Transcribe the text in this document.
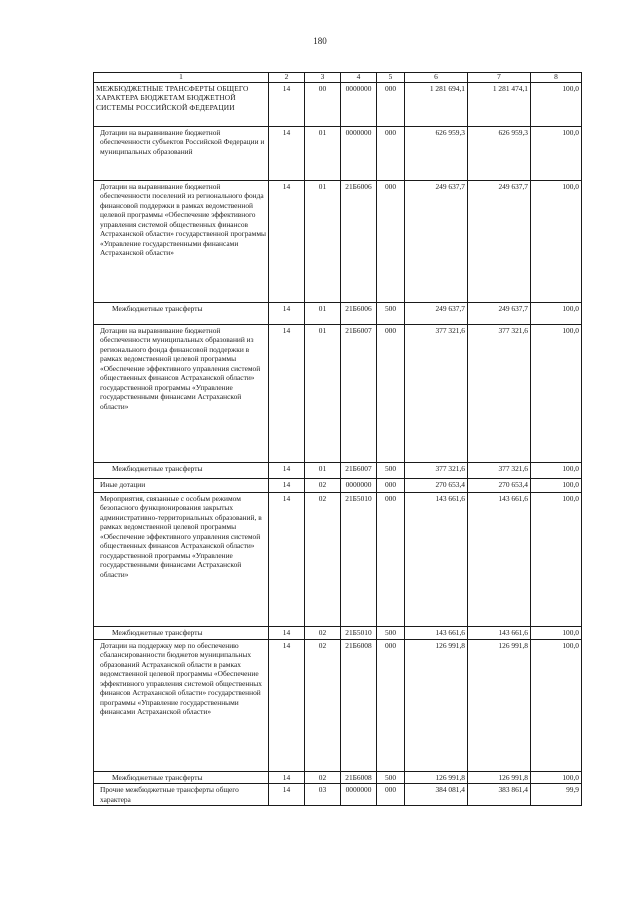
180
1	2	3	4	5	6	7	8
МЕЖБЮДЖЕТНЫЕ ТРАНСФЕРТЫ ОБЩЕГО ХАРАКТЕРА БЮДЖЕТАМ БЮДЖЕТНОЙ СИСТЕМЫ РОССИЙСКОЙ ФЕДЕРАЦИИ	14	00	0000000	000	1 281 694,1	1 281 474,1	100,0
Дотации на выравнивание бюджетной обеспеченности субъектов Российской Федерации и муниципальных образований	14	01	0000000	000	626 959,3	626 959,3	100,0
Дотации на выравнивание бюджетной обеспеченности поселений из регионального фонда финансовой поддержки в рамках ведомственной целевой программы «Обеспечение эффективного управления системой общественных финансов Астраханской области» государственной программы «Управление государственными финансами Астраханской области»	14	01	21Б6006	000	249 637,7	249 637,7	100,0
Межбюджетные трансферты	14	01	21Б6006	500	249 637,7	249 637,7	100,0
Дотации на выравнивание бюджетной обеспеченности муниципальных образований из регионального фонда финансовой поддержки в рамках ведомственной целевой программы «Обеспечение эффективного управления системой общественных финансов Астраханской области» государственной программы «Управление государственными финансами Астраханской области»	14	01	21Б6007	000	377 321,6	377 321,6	100,0
Межбюджетные трансферты	14	01	21Б6007	500	377 321,6	377 321,6	100,0
Иные дотации	14	02	0000000	000	270 653,4	270 653,4	100,0
Мероприятия, связанные с особым режимом безопасного функционирования закрытых административно-территориальных образований, в рамках ведомственной целевой программы «Обеспечение эффективного управления системой общественных финансов Астраханской области» государственной программы «Управление государственными финансами Астраханской области»	14	02	21Б5010	000	143 661,6	143 661,6	100,0
Межбюджетные трансферты	14	02	21Б5010	500	143 661,6	143 661,6	100,0
Дотации на поддержку мер по обеспечению сбалансированности бюджетов муниципальных образований Астраханской области в рамках ведомственной целевой программы «Обеспечение эффективного управления системой общественных финансов Астраханской области» государственной программы «Управление государственными финансами Астраханской области»	14	02	21Б6008	000	126 991,8	126 991,8	100,0
Межбюджетные трансферты	14	02	21Б6008	500	126 991,8	126 991,8	100,0
Прочие межбюджетные трансферты общего характера	14	03	0000000	000	384 081,4	383 861,4	99,9
